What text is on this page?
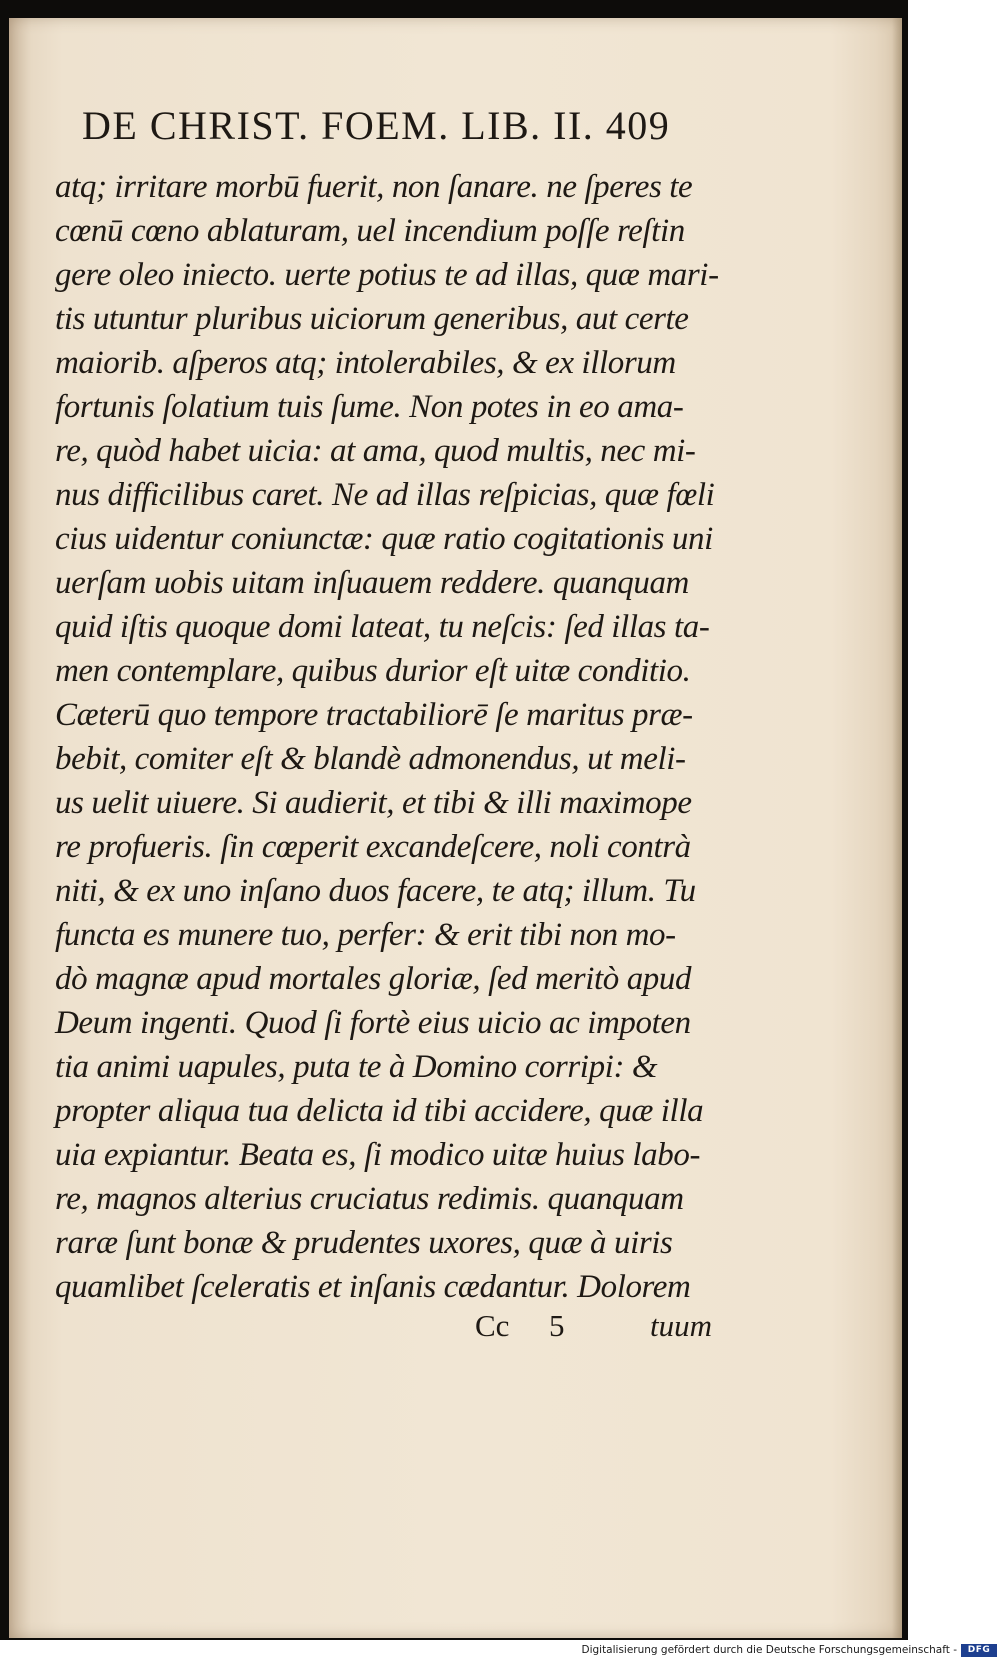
DE CHRIST. FOEM. LIB. II. 409
atq; irritare morbū fuerit, non ſanare. ne ſperes te
cœnū cœno ablaturam, uel incendium poſſe reſtin
gere oleo iniecto. uerte potius te ad illas, quæ mari-
tis utuntur pluribus uiciorum generibus, aut certe
maiorib. aſperos atq; intolerabiles, & ex illorum
fortunis ſolatium tuis ſume. Non potes in eo ama-
re, quòd habet uicia: at ama, quod multis, nec mi-
nus difficilibus caret. Ne ad illas reſpicias, quæ fœli
cius uidentur coniunctæ: quæ ratio cogitationis uni
uerſam uobis uitam inſuauem reddere. quanquam
quid iſtis quoque domi lateat, tu neſcis: ſed illas ta-
men contemplare, quibus durior eſt uitæ conditio.
Cæterū quo tempore tractabiliorē ſe maritus præ-
bebit, comiter eſt & blandè admonendus, ut meli-
us uelit uiuere. Si audierit, et tibi & illi maximope
re profueris. ſin cœperit excandeſcere, noli contrà
niti, & ex uno inſano duos facere, te atq; illum. Tu
functa es munere tuo, perfer: & erit tibi non mo-
dò magnæ apud mortales gloriæ, ſed meritò apud
Deum ingenti. Quod ſi fortè eius uicio ac impoten
tia animi uapules, puta te à Domino corripi: &
propter aliqua tua delicta id tibi accidere, quæ illa
uia expiantur. Beata es, ſi modico uitæ huius labo-
re, magnos alterius cruciatus redimis. quanquam
raræ ſunt bonæ & prudentes uxores, quæ à uiris
quamlibet ſceleratis et inſanis cædantur. Dolorem
Cc 5	tuum
Digitalisierung gefördert durch die Deutsche Forschungsgemeinschaft -	DFG
